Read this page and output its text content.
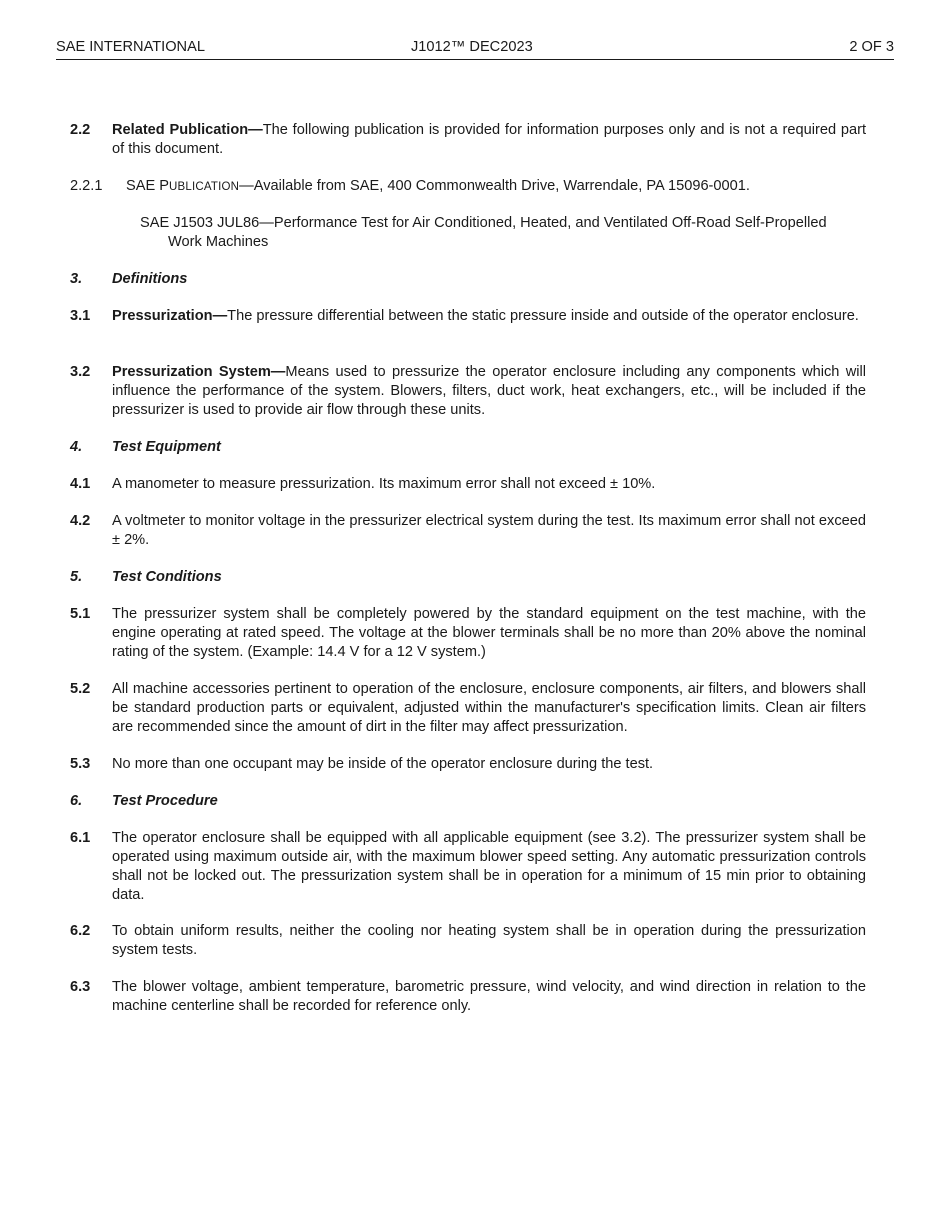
SAE INTERNATIONAL	J1012™ DEC2023	2 OF 3
2.2 Related Publication—The following publication is provided for information purposes only and is not a required part of this document.
2.2.1 SAE PUBLICATION—Available from SAE, 400 Commonwealth Drive, Warrendale, PA 15096-0001.
SAE J1503 JUL86—Performance Test for Air Conditioned, Heated, and Ventilated Off-Road Self-Propelled
Work Machines
3. Definitions
3.1 Pressurization—The pressure differential between the static pressure inside and outside of the operator enclosure.
3.2 Pressurization System—Means used to pressurize the operator enclosure including any components which will influence the performance of the system. Blowers, filters, duct work, heat exchangers, etc., will be included if the pressurizer is used to provide air flow through these units.
4. Test Equipment
4.1 A manometer to measure pressurization. Its maximum error shall not exceed ± 10%.
4.2 A voltmeter to monitor voltage in the pressurizer electrical system during the test. Its maximum error shall not exceed ± 2%.
5. Test Conditions
5.1 The pressurizer system shall be completely powered by the standard equipment on the test machine, with the engine operating at rated speed. The voltage at the blower terminals shall be no more than 20% above the nominal rating of the system. (Example: 14.4 V for a 12 V system.)
5.2 All machine accessories pertinent to operation of the enclosure, enclosure components, air filters, and blowers shall be standard production parts or equivalent, adjusted within the manufacturer's specification limits. Clean air filters are recommended since the amount of dirt in the filter may affect pressurization.
5.3 No more than one occupant may be inside of the operator enclosure during the test.
6. Test Procedure
6.1 The operator enclosure shall be equipped with all applicable equipment (see 3.2). The pressurizer system shall be operated using maximum outside air, with the maximum blower speed setting. Any automatic pressurization controls shall not be locked out. The pressurization system shall be in operation for a minimum of 15 min prior to obtaining data.
6.2 To obtain uniform results, neither the cooling nor heating system shall be in operation during the pressurization system tests.
6.3 The blower voltage, ambient temperature, barometric pressure, wind velocity, and wind direction in relation to the machine centerline shall be recorded for reference only.
